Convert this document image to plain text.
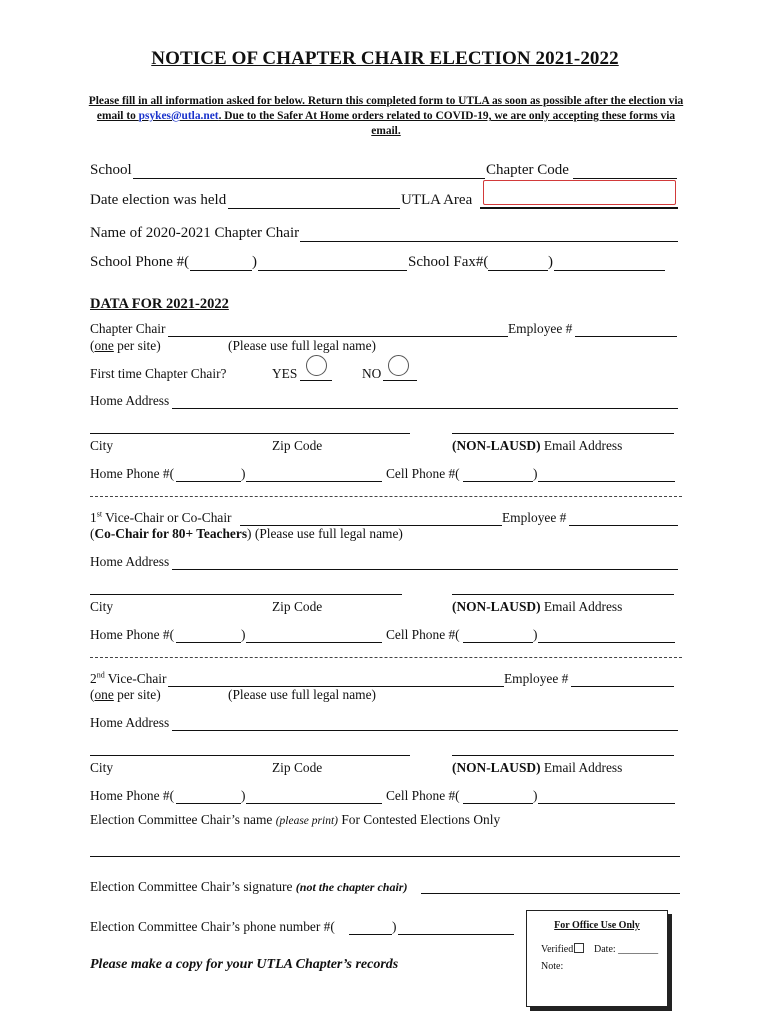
NOTICE OF CHAPTER CHAIR ELECTION 2021-2022
Please fill in all information asked for below. Return this completed form to UTLA as soon as possible after the election via email to psykes@utla.net. Due to the Safer At Home orders related to COVID-19, we are only accepting these forms via email.
School	Chapter Code
Date election was held	UTLA Area
Name of 2020-2021 Chapter Chair
School Phone #(	)	School Fax#(	)
DATA FOR 2021-2022
Chapter Chair	Employee #
(one per site)	(Please use full legal name)
First time Chapter Chair?	YES	NO
Home Address
City	Zip Code	(NON-LAUSD) Email Address
Home Phone #(	)	Cell Phone #(	)
1st Vice-Chair or Co-Chair	Employee #
(Co-Chair for 80+ Teachers) (Please use full legal name)
Home Address
City	Zip Code	(NON-LAUSD) Email Address
Home Phone #(	)	Cell Phone #(	)
2nd Vice-Chair	Employee #
(one per site)	(Please use full legal name)
Home Address
City	Zip Code	(NON-LAUSD) Email Address
Home Phone #(	)	Cell Phone #(	)
Election Committee Chair’s name (please print) For Contested Elections Only
Election Committee Chair’s signature (not the chapter chair)
Election Committee Chair’s phone number #(	)	For Office Use Only
Verified	Date: ________
Note:
Please make a copy for your UTLA Chapter’s records
